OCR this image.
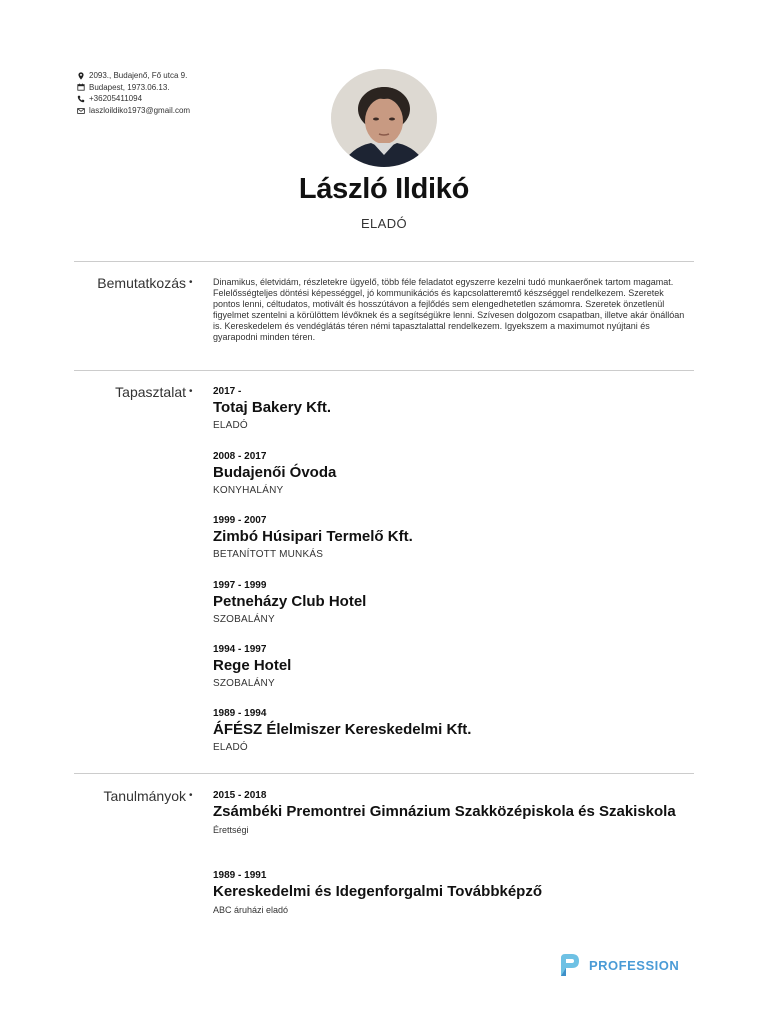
2093., Budajenő, Fő utca 9.
Budapest, 1973.06.13.
+36205411094
laszloildiko1973@gmail.com
László Ildikó
ELADÓ
Bemutatkozás • Dinamikus, életvidám, részletekre ügyelő, több féle feladatot egyszerre kezelni tudó munkaerőnek tartom magamat. Felelősségteljes döntési képességgel, jó kommunikációs és kapcsolatteremtő készséggel rendelkezem. Szeretek pontos lenni, céltudatos, motivált és hosszútávon a fejlődés sem elengedhetetlen számomra. Szeretek önzetlenül figyelmet szentelni a körülöttem lévőknek és a segítségükre lenni. Szívesen dolgozom csapatban, illetve akár önállóan is. Kereskedelem és vendéglátás téren némi tapasztalattal rendelkezem. Igyekszem a maximumot nyújtani és gyarapodni minden téren.
Tapasztalat • 2017 -
Totaj Bakery Kft.
ELADÓ
2008 - 2017
Budajenői Óvoda
KONYHALÁNY
1999 - 2007
Zimbó Húsipari Termelő Kft.
BETANÍTOTT MUNKÁS
1997 - 1999
Petneházy Club Hotel
SZOBALÁNY
1994 - 1997
Rege Hotel
SZOBALÁNY
1989 - 1994
ÁFÉSZ Élelmiszer Kereskedelmi Kft.
ELADÓ
Tanulmányok • 2015 - 2018
Zsámbéki Premontrei Gimnázium Szakközépiskola és Szakiskola
Érettségi
1989 - 1991
Kereskedelmi és Idegenforgalmi Továbbképző
ABC áruházi eladó
PROFESSION
